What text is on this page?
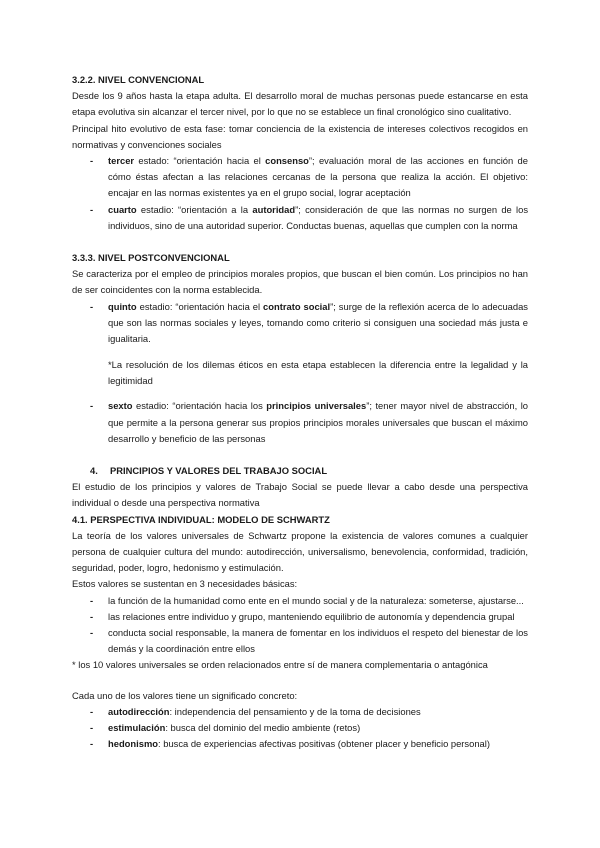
3.2.2. NIVEL CONVENCIONAL

Desde los 9 años hasta la etapa adulta. El desarrollo moral de muchas personas puede estancarse en esta etapa evolutiva sin alcanzar el tercer nivel, por lo que no se establece un final cronológico sino cualitativo.

Principal hito evolutivo de esta fase: tomar conciencia de la existencia de intereses colectivos recogidos en normativas y convenciones sociales

- tercer estado: “orientación hacia el consenso”; evaluación moral de las acciones en función de cómo éstas afectan a las relaciones cercanas de la persona que realiza la acción. El objetivo: encajar en las normas existentes ya en el grupo social, lograr aceptación
- cuarto estadio: “orientación a la autoridad”; consideración de que las normas no surgen de los individuos, sino de una autoridad superior. Conductas buenas, aquellas que cumplen con la norma

3.3.3. NIVEL POSTCONVENCIONAL

Se caracteriza por el empleo de principios morales propios, que buscan el bien común. Los principios no han de ser coincidentes con la norma establecida.

- quinto estadio: “orientación hacia el contrato social”; surge de la reflexión acerca de lo adecuadas que son las normas sociales y leyes, tomando como criterio si consiguen una sociedad más justa e igualitaria.

*La resolución de los dilemas éticos en esta etapa establecen la diferencia entre la legalidad y la legitimidad

- sexto estadio: “orientación hacia los principios universales”; tener mayor nivel de abstracción, lo que permite a la persona generar sus propios principios morales universales que buscan el máximo desarrollo y beneficio de las personas

4. PRINCIPIOS Y VALORES DEL TRABAJO SOCIAL

El estudio de los principios y valores de Trabajo Social se puede llevar a cabo desde una perspectiva individual o desde una perspectiva normativa

4.1. PERSPECTIVA INDIVIDUAL: MODELO DE SCHWARTZ

La teoría de los valores universales de Schwartz propone la existencia de valores comunes a cualquier persona de cualquier cultura del mundo: autodirección, universalismo, benevolencia, conformidad, tradición, seguridad, poder, logro, hedonismo y estimulación.

Estos valores se sustentan en 3 necesidades básicas:

- la función de la humanidad como ente en el mundo social y de la naturaleza: someterse, ajustarse...
- las relaciones entre individuo y grupo, manteniendo equilibrio de autonomía y dependencia grupal
- conducta social responsable, la manera de fomentar en los individuos el respeto del bienestar de los demás y la coordinación entre ellos

* los 10 valores universales se orden relacionados entre sí de manera complementaria o antagónica

Cada uno de los valores tiene un significado concreto:

- autodirección: independencia del pensamiento y de la toma de decisiones
- estimulación: busca del dominio del medio ambiente (retos)
- hedonismo: busca de experiencias afectivas positivas (obtener placer y beneficio personal)
